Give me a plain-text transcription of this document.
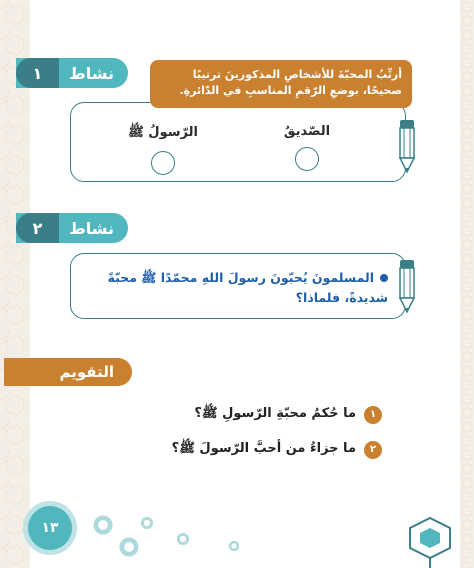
نشاط
١	أرتِّبُ المحبّةَ للأشخاصِ المذكورينَ ترتيبًا صحيحًا، بوضعِ الرّقمِ المناسبِ في الدّائرةِ.
الصّديقُ
الرّسولُ ﷺ
نشاط
٢
المسلمونَ يُحبّونَ رسولَ اللهِ محمّدًا ﷺ محبّةً شديدةً، فلماذا؟
التقويم
١
ما حُكمُ محبّةِ الرّسولِ ﷺ؟
٢
ما جزاءُ من أحبَّ الرّسولَ ﷺ؟
١٣
